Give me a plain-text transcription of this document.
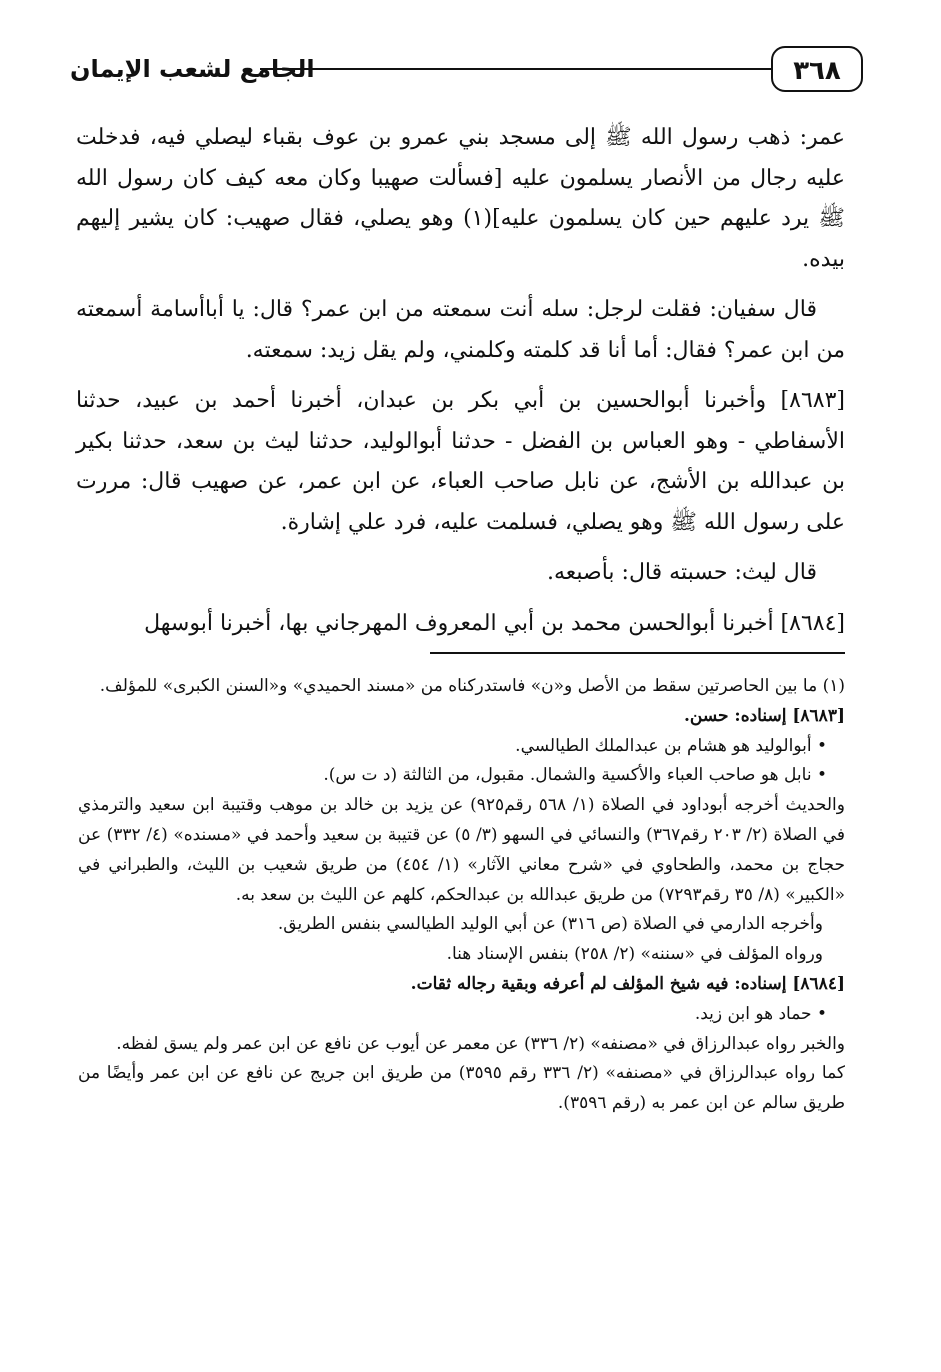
٣٦٨
الجامع لشعب الإيمان

عمر: ذهب رسول الله ﷺ إلى مسجد بني عمرو بن عوف بقباء ليصلي فيه، فدخلت عليه رجال من الأنصار يسلمون عليه [فسألت صهيبا وكان معه كيف كان رسول الله ﷺ يرد عليهم حين كان يسلمون عليه](١) وهو يصلي، فقال صهيب: كان يشير إليهم بيده.

قال سفيان: فقلت لرجل: سله أنت سمعته من ابن عمر؟ قال: يا أباأسامة أسمعته من ابن عمر؟ فقال: أما أنا قد كلمته وكلمني، ولم يقل زيد: سمعته.

[٨٦٨٣] وأخبرنا أبوالحسين بن أبي بكر بن عبدان، أخبرنا أحمد بن عبيد، حدثنا الأسفاطي - وهو العباس بن الفضل - حدثنا أبوالوليد، حدثنا ليث بن سعد، حدثنا بكير بن عبدالله بن الأشج، عن نابل صاحب العباء، عن ابن عمر، عن صهيب قال: مررت على رسول الله ﷺ وهو يصلي، فسلمت عليه، فرد علي إشارة.

قال ليث: حسبته قال: بأصبعه.

[٨٦٨٤] أخبرنا أبوالحسن محمد بن أبي المعروف المهرجاني بها، أخبرنا أبوسهل

(١) ما بين الحاصرتين سقط من الأصل و«ن» فاستدركناه من «مسند الحميدي» و«السنن الكبرى» للمؤلف.

[٨٦٨٣] إسناده: حسن.

• أبوالوليد هو هشام بن عبدالملك الطيالسي.

• نابل هو صاحب العباء والأكسية والشمال. مقبول، من الثالثة (د ت س).

والحديث أخرجه أبوداود في الصلاة (١/ ٥٦٨ رقم٩٢٥) عن يزيد بن خالد بن موهب وقتيبة ابن سعيد والترمذي في الصلاة (٢/ ٢٠٣ رقم٣٦٧) والنسائي في السهو (٣/ ٥) عن قتيبة بن سعيد وأحمد في «مسنده» (٤/ ٣٣٢) عن حجاج بن محمد، والطحاوي في «شرح معاني الآثار» (١/ ٤٥٤) من طريق شعيب بن الليث، والطبراني في «الكبير» (٨/ ٣٥ رقم٧٢٩٣) من طريق عبدالله بن عبدالحكم، كلهم عن الليث بن سعد به.

وأخرجه الدارمي في الصلاة (ص ٣١٦) عن أبي الوليد الطيالسي بنفس الطريق.

ورواه المؤلف في «سننه» (٢/ ٢٥٨) بنفس الإسناد هنا.

[٨٦٨٤] إسناده: فيه شيخ المؤلف لم أعرفه وبقية رجاله ثقات.

• حماد هو ابن زيد.

والخبر رواه عبدالرزاق في «مصنفه» (٢/ ٣٣٦) عن معمر عن أيوب عن نافع عن ابن عمر ولم يسق لفظه.

كما رواه عبدالرزاق في «مصنفه» (٢/ ٣٣٦ رقم ٣٥٩٥) من طريق ابن جريج عن نافع عن ابن عمر وأيضًا من طريق سالم عن ابن عمر به (رقم ٣٥٩٦).
